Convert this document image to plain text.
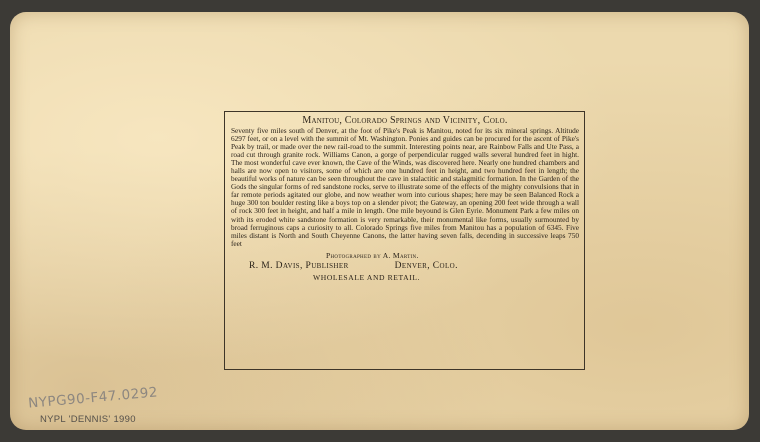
Manitou, Colorado Springs and Vicinity, Colo.

Seventy five miles south of Denver, at the foot of Pike's Peak is Manitou, noted for its six mineral springs. Altitude 6297 feet, or on a level with the summit of Mt. Washington. Ponies and guides can be procured for the ascent of Pike's Peak by trail, or made over the new rail-road to the summit. Interesting points near, are Rainbow Falls and Ute Pass, a road cut through granite rock. Williams Canon, a gorge of perpendicular rugged walls several hundred feet in hight. The most wonderful cave ever known, the Cave of the Winds, was discovered here. Nearly one hundred chambers and halls are now open to visitors, some of which are one hundred feet in height, and two hundred feet in length; the beautiful works of nature can be seen throughout the cave in stalactitic and stalagmitic formation. In the Garden of the Gods the singular forms of red sandstone rocks, serve to illustrate some of the effects of the mighty convulsions that in far remote periods agitated our globe, and now weather worn into curious shapes; here may be seen Balanced Rock a huge 300 ton boulder resting like a boys top on a slender pivot; the Gateway, an opening 200 feet wide through a wall of rock 300 feet in height, and half a mile in length. One mile beyound is Glen Eyrie. Monument Park a few miles on with its eroded white sandstone formation is very remarkable, their monumental like forms, usually surmounted by broad ferruginous caps a curiosity to all. Colorado Springs five miles from Manitou has a population of 6345. Five miles distant is North and South Cheyenne Canons, the latter having seven falls, decending in successive leaps 750 feet

Photographed by A. Martin.
R. M. Davis, Publisher	Denver, Colo.
WHOLESALE AND RETAIL.
NYPG90-F47.0292
NYPL 'DENNIS' 1990
